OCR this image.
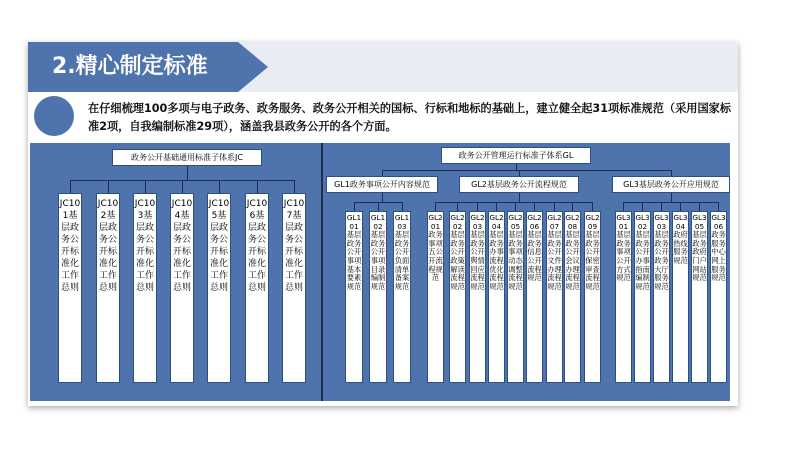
2.精心制定标准
在仔细梳理100多项与电子政务、政务服务、政务公开相关的国标、行标和地标的基础上，建立健全起31项标准规范（采用国家标准2项，自我编制标准29项），涵盖我县政务公开的各个方面。
政务公开基础通用标准子体系JC	政务公开管理运行标准子体系GL
GL1政务事项公开内容规范	GL2基层政务公开流程规范	GL3基层政务公开应用规范
JC101基层政务公开标准化工作总则
JC102基层政务公开标准化工作总则
JC103基层政务公开标准化工作总则
JC104基层政务公开标准化工作总则
JC105基层政务公开标准化工作总则
JC106基层政务公开标准化工作总则
JC107基层政务公开标准化工作总则
GL101基层政务公开事项基本要素规范
GL102基层政务公开事项目录编制规范
GL103基层政务公开负面清单备案规范
GL201政务事项五公开流程规范
GL202基层政务公开政策解读流程规范
GL203基层政务公开舆情回应流程规范
GL204基层政务办事流程优化流程规范
GL205基层政务事项动态调整流程规范
GL206基层政务信息公开流程规范
GL207基层政务公开文件办理流程规范
GL208基层政务公开会议办理流程规范
GL209基层政务公开保密审查流程规范
GL301基层政务事项公开方式规范
GL302基层政务公开办事指南编制规范
GL303基层政务公开政务大厅服务规范
GL304政府热线服务规范
GL305基层政务政府门户网站规范
GL306政务服务中心网上服务规范
